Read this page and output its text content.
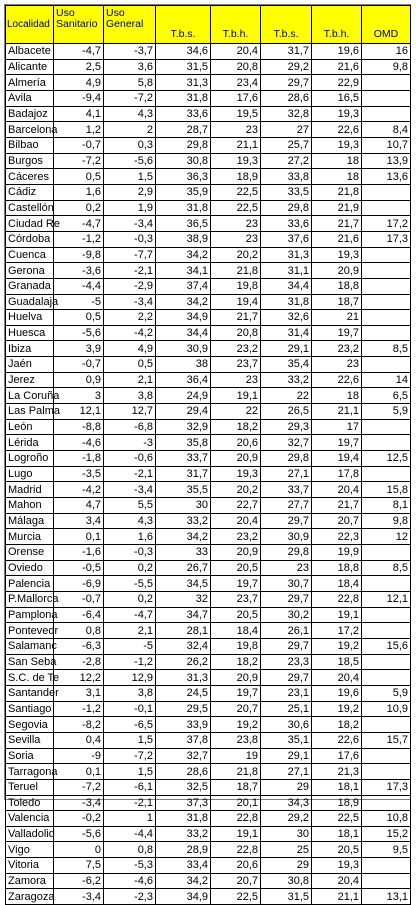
Localidad	Uso Sanitario	Uso General	T.b.s.	T.b.h.	T.b.s.	T.b.h.	OMD
Albacete	-4,7	-3,7	34,6	20,4	31,7	19,6	16
Alicante	2,5	3,6	31,5	20,8	29,2	21,6	9,8
Almería	4,9	5,8	31,3	23,4	29,7	22,9	
Avila	-9,4	-7,2	31,8	17,6	28,6	16,5	
Badajoz	4,1	4,3	33,6	19,5	32,8	19,3	
Barcelona	1,2	2	28,7	23	27	22,6	8,4
Bilbao	-0,7	0,3	29,8	21,1	25,7	19,3	10,7
Burgos	-7,2	-5,6	30,8	19,3	27,2	18	13,9
Cáceres	0,5	1,5	36,3	18,9	33,8	18	13,6
Cádiz	1,6	2,9	35,9	22,5	33,5	21,8	
Castellón	0,2	1,9	31,8	22,5	29,8	21,9	
Ciudad Re	-4,7	-3,4	36,5	23	33,6	21,7	17,2
Córdoba	-1,2	-0,3	38,9	23	37,6	21,6	17,3
Cuenca	-9,8	-7,7	34,2	20,2	31,3	19,3	
Gerona	-3,6	-2,1	34,1	21,8	31,1	20,9	
Granada	-4,4	-2,9	37,4	19,8	34,4	18,8	
Guadalaja	-5	-3,4	34,2	19,4	31,8	18,7	
Huelva	0,5	2,2	34,9	21,7	32,6	21	
Huesca	-5,6	-4,2	34,4	20,8	31,4	19,7	
Ibiza	3,9	4,9	30,9	23,2	29,1	23,2	8,5
Jaén	-0,7	0,5	38	23,7	35,4	23	
Jerez	0,9	2,1	36,4	23	33,2	22,6	14
La Coruña	3	3,8	24,9	19,1	22	18	6,5
Las Palma	12,1	12,7	29,4	22	26,5	21,1	5,9
León	-8,8	-6,8	32,9	18,2	29,3	17	
Lérida	-4,6	-3	35,8	20,6	32,7	19,7	
Logroño	-1,8	-0,6	33,7	20,9	29,8	19,4	12,5
Lugo	-3,5	-2,1	31,7	19,3	27,1	17,8	
Madrid	-4,2	-3,4	35,5	20,2	33,7	20,4	15,8
Mahon	4,7	5,5	30	22,7	27,7	21,7	8,1
Málaga	3,4	4,3	33,2	20,4	29,7	20,7	9,8
Murcia	0,1	1,6	34,2	23,2	30,9	22,3	12
Orense	-1,6	-0,3	33	20,9	29,8	19,9	
Oviedo	-0,5	0,2	26,7	20,5	23	18,8	8,5
Palencia	-6,9	-5,5	34,5	19,7	30,7	18,4	
P.Mallorca	-0,7	0,2	32	23,7	29,7	22,8	12,1
Pamplona	-6,4	-4,7	34,7	20,5	30,2	19,1	
Pontevedr	0,8	2,1	28,1	18,4	26,1	17,2	
Salamanc	-6,3	-5	32,4	19,8	29,7	19,2	15,6
San Seba	-2,8	-1,2	26,2	18,2	23,3	18,5	
S.C. de Te	12,2	12,9	31,3	20,9	29,7	20,4	
Santander	3,1	3,8	24,5	19,7	23,1	19,6	5,9
Santiago	-1,2	-0,1	29,5	20,7	25,1	19,2	10,9
Segovia	-8,2	-6,5	33,9	19,2	30,6	18,2	
Sevilla	0,4	1,5	37,8	23,8	35,1	22,6	15,7
Soria	-9	-7,2	32,7	19	29,1	17,6	
Tarragona	0,1	1,5	28,6	21,8	27,1	21,3	
Teruel	-7,2	-6,1	32,5	18,7	29	18,1	17,3
Toledo	-3,4	-2,1	37,3	20,1	34,3	18,9	
Valencia	-0,2	1	31,8	22,8	29,2	22,5	10,8
Valladolid	-5,6	-4,4	33,2	19,1	30	18,1	15,2
Vigo	0	0,8	28,9	22,8	25	20,5	9,5
Vitoria	7,5	-5,3	33,4	20,6	29	19,3	
Zamora	-6,2	-4,6	34,2	20,7	30,8	20,4	
Zaragoza	-3,4	-2,3	34,9	22,5	31,5	21,1	13,1
